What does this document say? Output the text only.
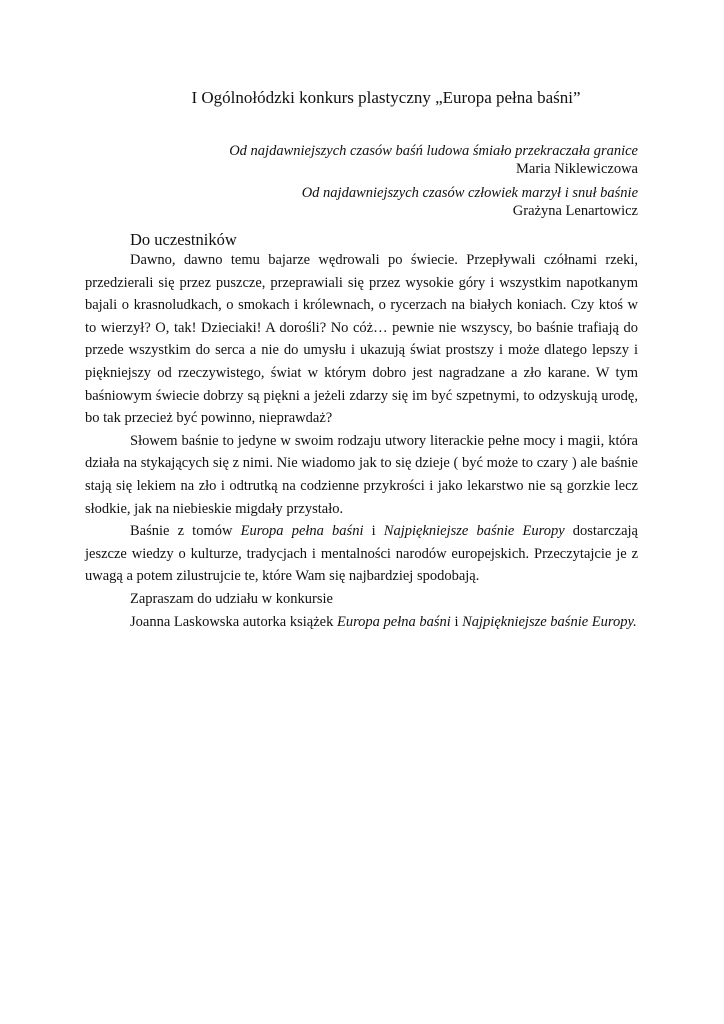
I Ogólnołódzki konkurs plastyczny „Europa pełna baśni”
Od najdawniejszych czasów baśń ludowa śmiało przekraczała granice
Maria Niklewiczowa
Od najdawniejszych czasów człowiek marzył i snuł baśnie
Grażyna Lenartowicz
Do uczestników

Dawno, dawno temu bajarze wędrowali po świecie. Przepływali czółnami rzeki, przedzierali się przez puszcze, przeprawiali się przez wysokie góry i wszystkim napotkanym bajali o krasnoludkach, o smokach i królewnach, o rycerzach na białych koniach. Czy ktoś w to wierzył? O, tak! Dzieciaki! A dorośli? No cóż… pewnie nie wszyscy, bo baśnie trafiają do przede wszystkim do serca a nie do umysłu i ukazują świat prostszy i może dlatego lepszy i piękniejszy od rzeczywistego, świat w którym dobro jest nagradzane a zło karane. W tym baśniowym świecie dobrzy są piękni a jeżeli zdarzy się im być szpetnymi, to odzyskują urodę, bo tak przecież być powinno, nieprawdaż?

Słowem baśnie to jedyne w swoim rodzaju utwory literackie pełne mocy i magii, która działa na stykających się z nimi. Nie wiadomo jak to się dzieje ( być może to czary ) ale baśnie stają się lekiem na zło i odtrutką na codzienne przykrości i jako lekarstwo nie są gorzkie lecz słodkie, jak na niebieskie migdały przystało.

Baśnie z tomów Europa pełna baśni i Najpiękniejsze baśnie Europy dostarczają jeszcze wiedzy o kulturze, tradycjach i mentalności narodów europejskich. Przeczytajcie je z uwagą a potem zilustrujcie te, które Wam się najbardziej spodobają.

Zapraszam do udziału w konkursie

Joanna Laskowska autorka książek Europa pełna baśni i Najpiękniejsze baśnie Europy.
